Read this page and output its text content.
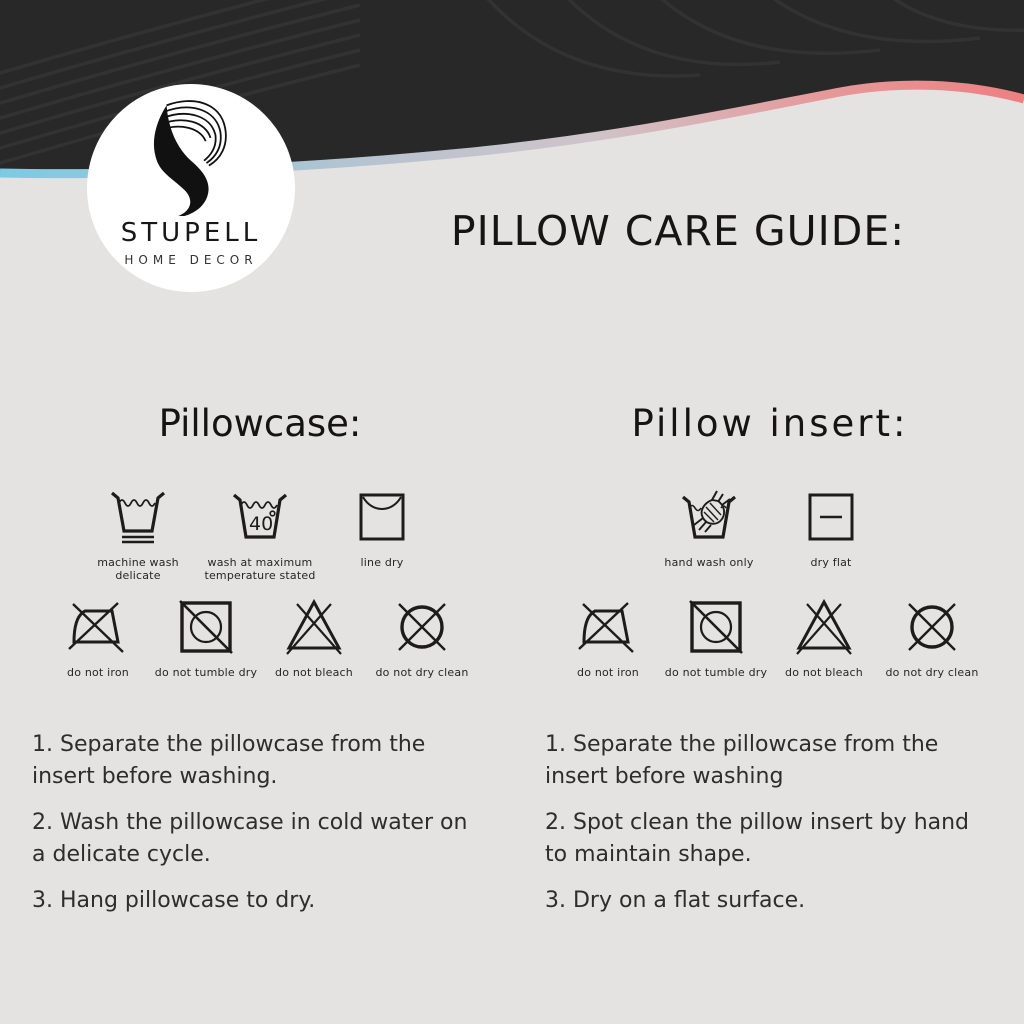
STUPELL
HOME DECOR
PILLOW CARE GUIDE:
Pillowcase:
machine wash delicate
40
wash at maximum temperature stated
line dry
do not iron do not tumble dry do not bleach do not dry clean
1. Separate the pillowcase from the insert before washing.
2. Wash the pillowcase in cold water on a delicate cycle.
3. Hang pillowcase to dry.
Pillow insert:
hand wash only	dry flat
do not iron do not tumble dry do not bleach do not dry clean
1. Separate the pillowcase from the insert before washing
2. Spot clean the pillow insert by hand to maintain shape.
3. Dry on a flat surface.
